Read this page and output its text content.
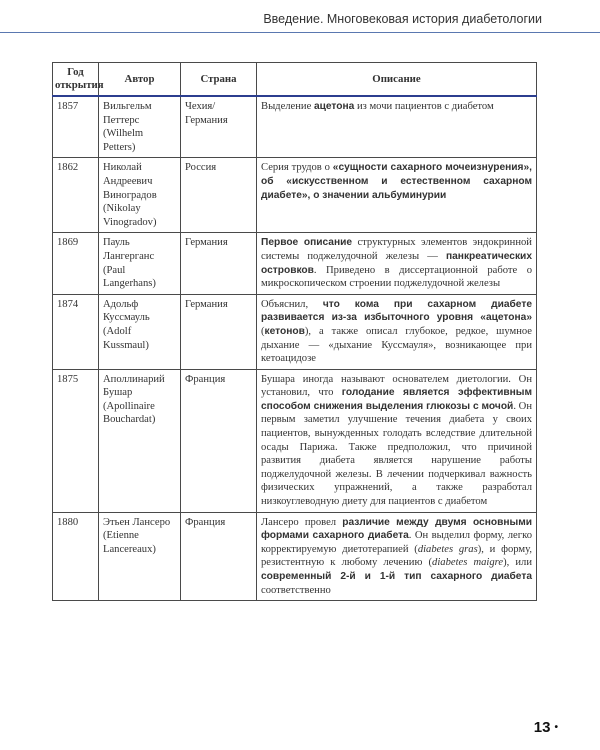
Введение. Многовековая история диабетологии
Год открытия	Автор	Страна	Описание
1857	Вильгельм Петтерс (Wilhelm Petters)	Чехия/Германия	Выделение ацетона из мочи пациентов с диабетом
1862	Николай Андреевич Виноградов (Nikolay Vinogradov)	Россия	Серия трудов о «сущности сахарного мочеизнурения», об «искусственном и естественном сахарном диабете», о значении альбуминурии
1869	Пауль Лангерганс (Paul Langerhans)	Германия	Первое описание структурных элементов эндокринной системы поджелудочной железы — панкреатических островков. Приведено в диссертационной работе о микроскопическом строении поджелудочной железы
1874	Адольф Куссмауль (Adolf Kussmaul)	Германия	Объяснил, что кома при сахарном диабете развивается из-за избыточного уровня «ацетона» (кетонов), а также описал глубокое, редкое, шумное дыхание — «дыхание Куссмауля», возникающее при кетоацидозе
1875	Аполлинарий Бушар (Apollinaire Bouchardat)	Франция	Бушара иногда называют основателем диетологии. Он установил, что голодание является эффективным способом снижения выделения глюкозы с мочой. Он первым заметил улучшение течения диабета у своих пациентов, вынужденных голодать вследствие длительной осады Парижа. Также предположил, что причиной развития диабета является нарушение работы поджелудочной железы. В лечении подчеркивал важность физических упражнений, а также разработал низкоуглеводную диету для пациентов с диабетом
1880	Этьен Лансеро (Etienne Lancereaux)	Франция	Лансеро провел различие между двумя основными формами сахарного диабета. Он выделил форму, легко корректируемую диетотерапией (diabetes gras), и форму, резистентную к любому лечению (diabetes maigre), или современный 2-й и 1-й тип сахарного диабета соответственно
13 •
